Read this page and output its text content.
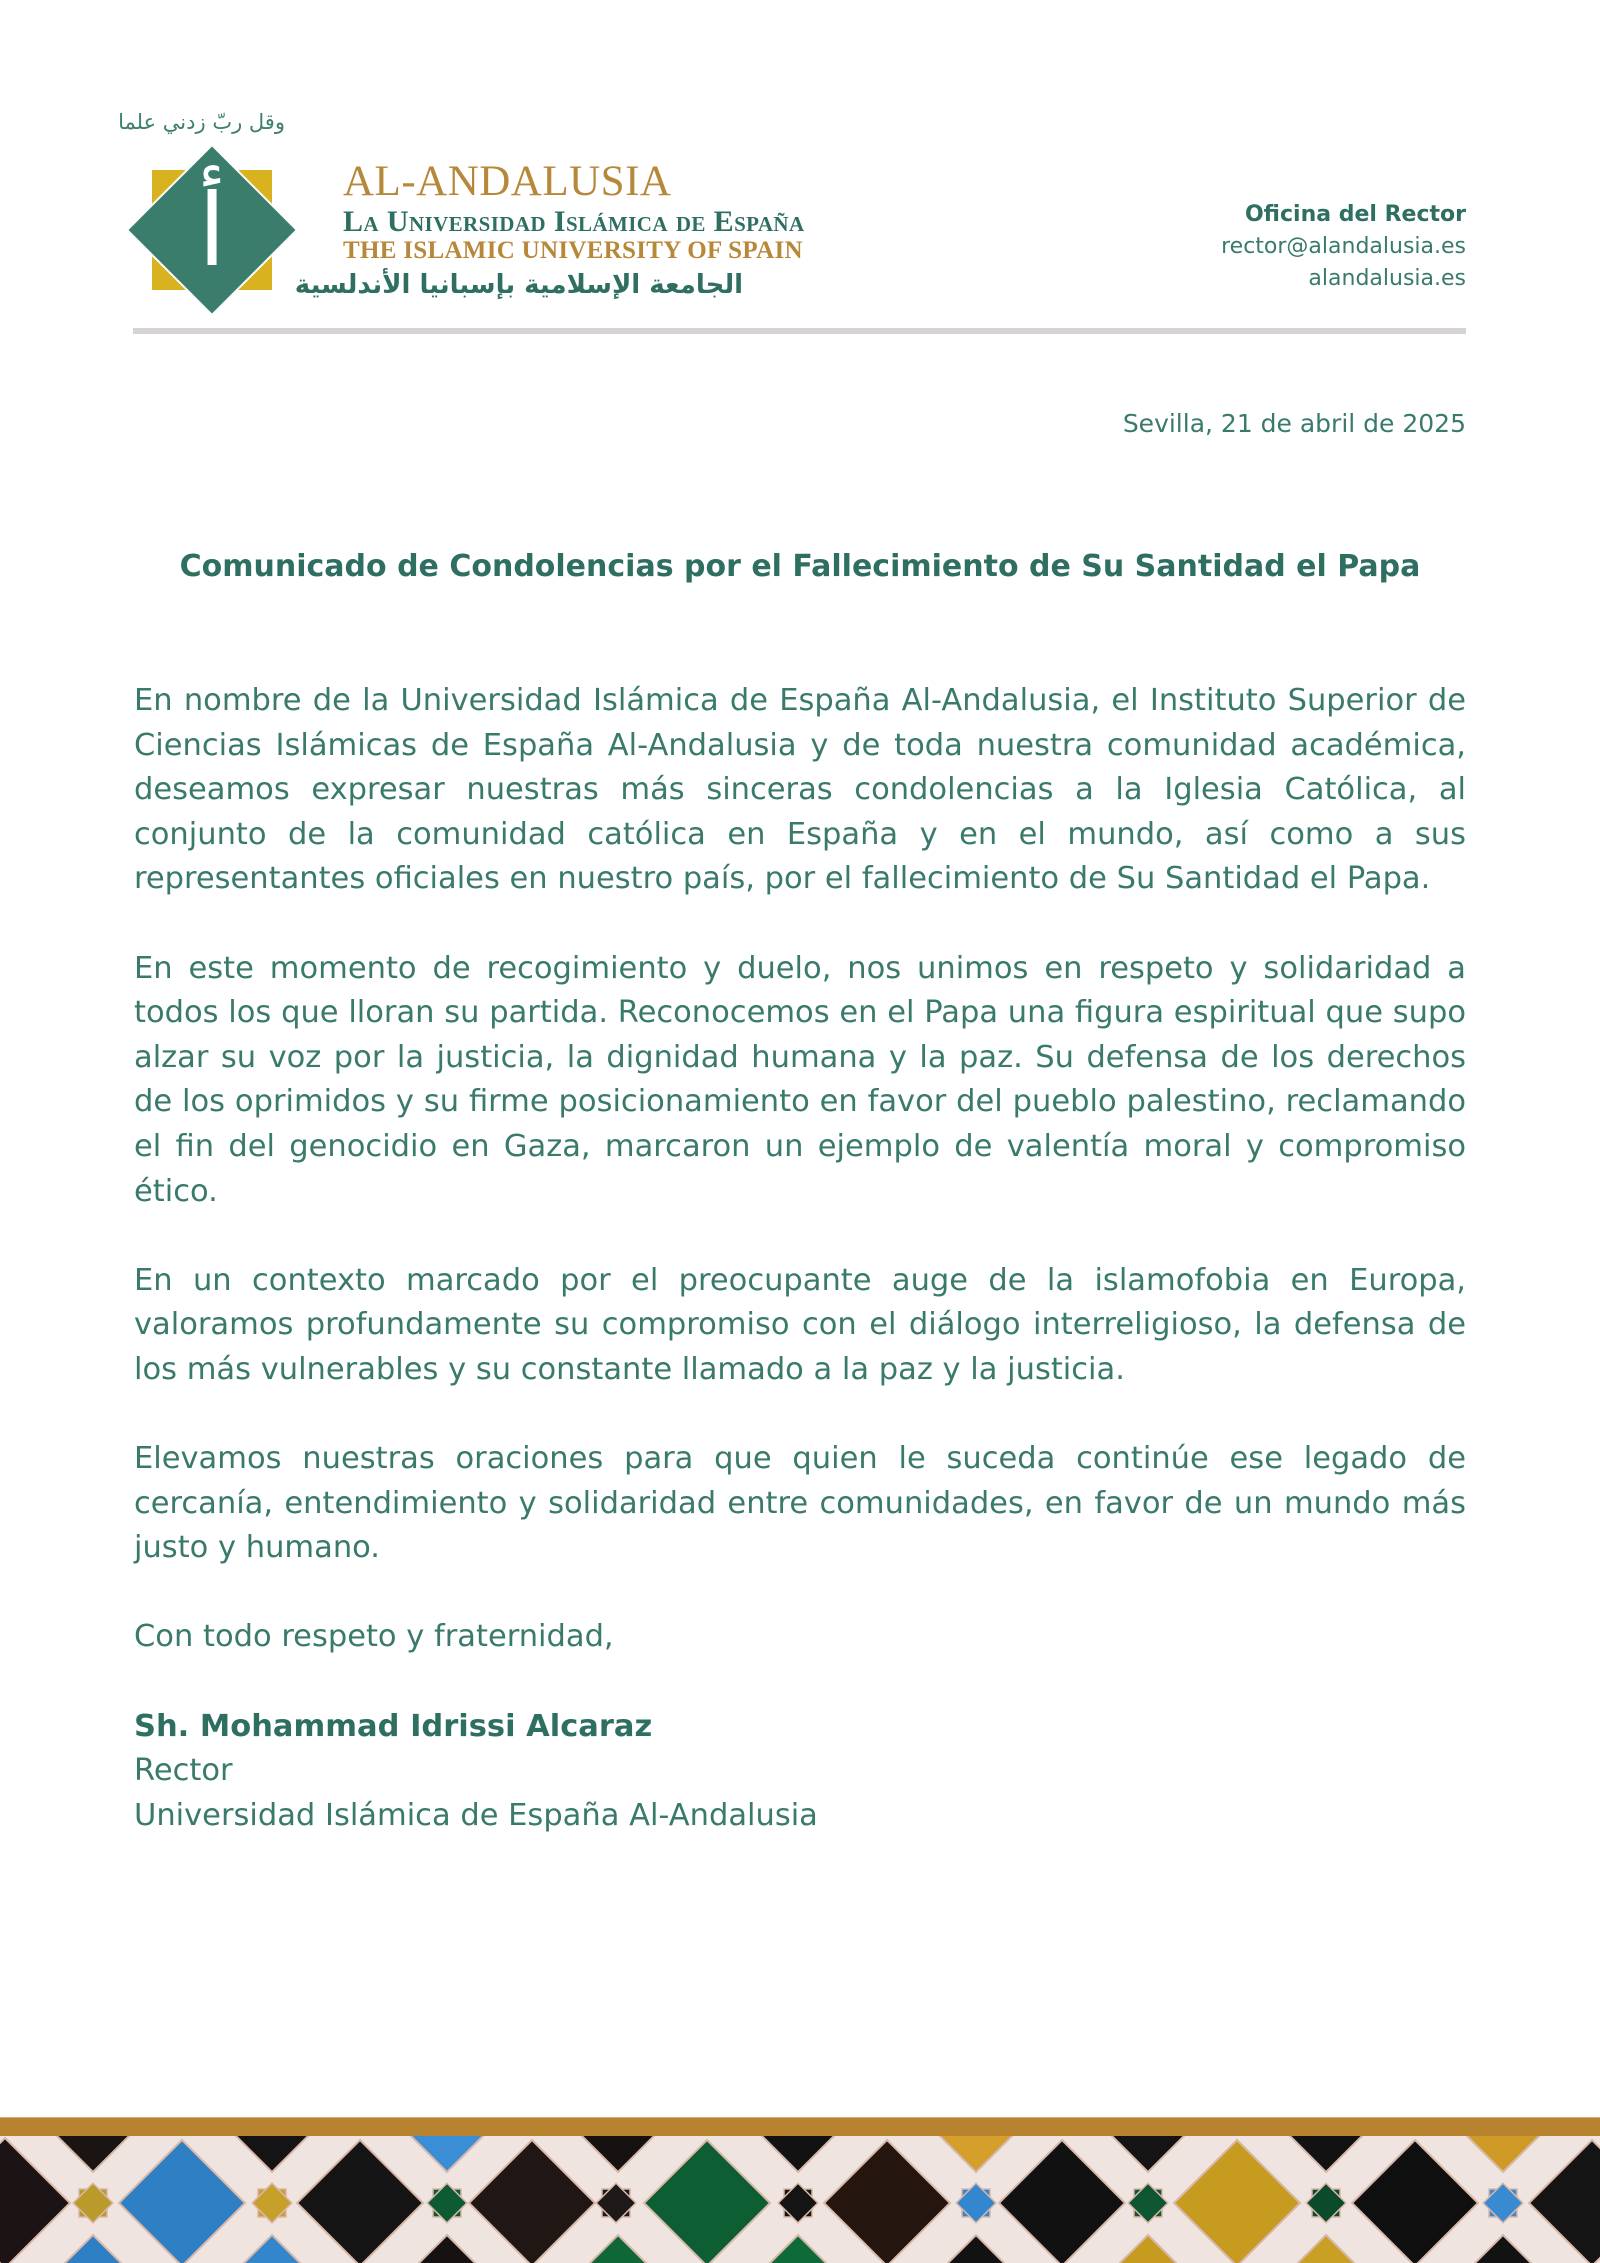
وقل ربّ زدني علما
أ	AL-ANDALUSIA
La Universidad Islámica de España
THE ISLAMIC UNIVERSITY OF SPAIN
الجامعة الإسلامية بإسبانيا الأندلسية
Oficina del Rector
rector@alandalusia.es
alandalusia.es
Sevilla, 21 de abril de 2025
Comunicado de Condolencias por el Fallecimiento de Su Santidad el Papa

En nombre de la Universidad Islámica de España Al-Andalusia, el Instituto Superior de Ciencias Islámicas de España Al-Andalusia y de toda nuestra comunidad académica, deseamos expresar nuestras más sinceras condolencias a la Iglesia Católica, al conjunto de la comunidad católica en España y en el mundo, así como a sus representantes oficiales en nuestro país, por el fallecimiento de Su Santidad el Papa.

En este momento de recogimiento y duelo, nos unimos en respeto y solidaridad a todos los que lloran su partida. Reconocemos en el Papa una figura espiritual que supo alzar su voz por la justicia, la dignidad humana y la paz. Su defensa de los derechos de los oprimidos y su firme posicionamiento en favor del pueblo palestino, reclamando el fin del genocidio en Gaza, marcaron un ejemplo de valentía moral y compromiso ético.

En un contexto marcado por el preocupante auge de la islamofobia en Europa, valoramos profundamente su compromiso con el diálogo interreligioso, la defensa de los más vulnerables y su constante llamado a la paz y la justicia.

Elevamos nuestras oraciones para que quien le suceda continúe ese legado de cercanía, entendimiento y solidaridad entre comunidades, en favor de un mundo más justo y humano.

Con todo respeto y fraternidad,

Sh. Mohammad Idrissi Alcaraz
Rector
Universidad Islámica de España Al-Andalusia
